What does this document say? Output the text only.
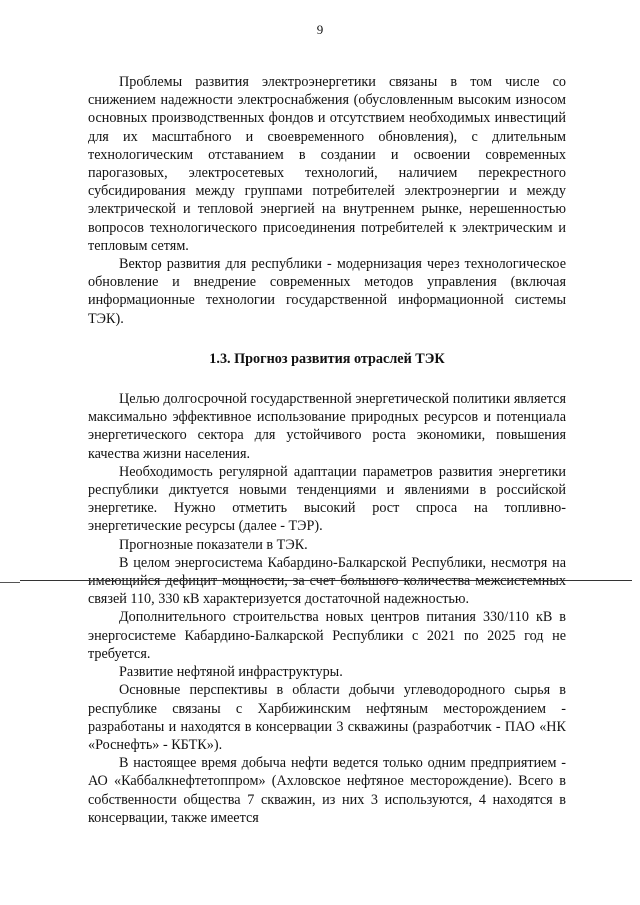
9

Проблемы развития электроэнергетики связаны в том числе со снижением надежности электроснабжения (обусловленным высоким износом основных производственных фондов и отсутствием необходимых инвестиций для их масштабного и своевременного обновления), с длительным технологическим отставанием в создании и освоении современных парогазовых, электросетевых технологий, наличием перекрестного субсидирования между группами потребителей электроэнергии и между электрической и тепловой энергией на внутреннем рынке, нерешенностью вопросов технологического присоединения потребителей к электрическим и тепловым сетям.

Вектор развития для республики - модернизация через технологическое обновление и внедрение современных методов управления (включая информационные технологии государственной информационной системы ТЭК).

1.3. Прогноз развития отраслей ТЭК

Целью долгосрочной государственной энергетической политики является максимально эффективное использование природных ресурсов и потенциала энергетического сектора для устойчивого роста экономики, повышения качества жизни населения.

Необходимость регулярной адаптации параметров развития энергетики республики диктуется новыми тенденциями и явлениями в российской энергетике. Нужно отметить высокий рост спроса на топливно-энергетические ресурсы (далее - ТЭР).

Прогнозные показатели в ТЭК.

В целом энергосистема Кабардино-Балкарской Республики, несмотря на имеющийся дефицит мощности, за счет большого количества межсистемных связей 110, 330 кВ характеризуется достаточной надежностью.

Дополнительного строительства новых центров питания 330/110 кВ в энергосистеме Кабардино-Балкарской Республики с 2021 по 2025 год не требуется.

Развитие нефтяной инфраструктуры.

Основные перспективы в области добычи углеводородного сырья в республике связаны с Харбижинским нефтяным месторождением - разработаны и находятся в консервации 3 скважины (разработчик - ПАО «НК «Роснефть» - КБТК»).

В настоящее время добыча нефти ведется только одним предприятием - АО «Каббалкнефтетоппром» (Ахловское нефтяное месторождение). Всего в собственности общества 7 скважин, из них 3 используются, 4 находятся в консервации, также имеется
